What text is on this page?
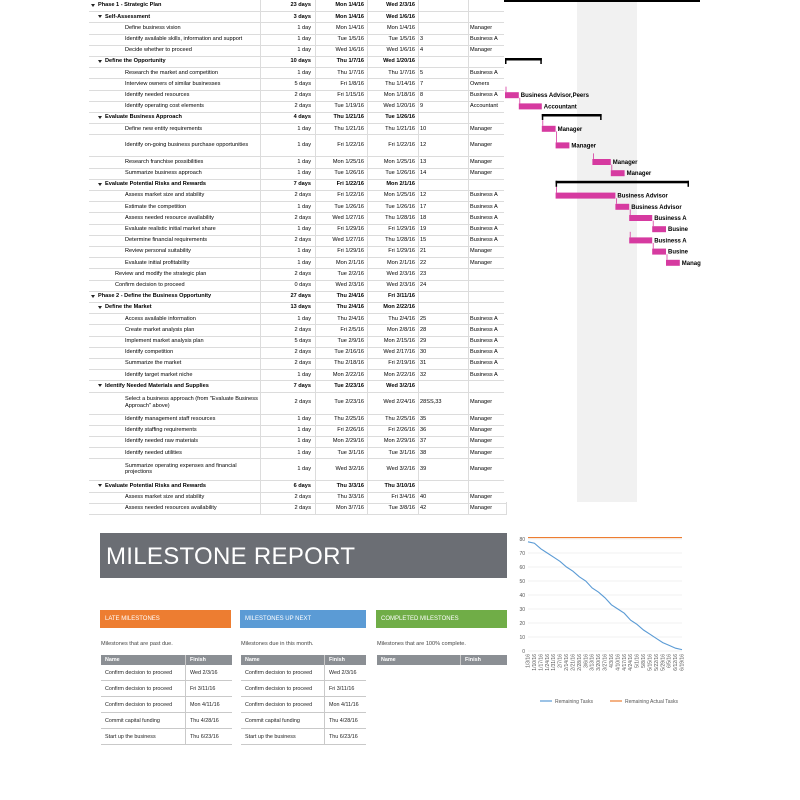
Phase 1 - Strategic Plan	23 days	Mon 1/4/16	Wed 2/3/16
Self-Assessment	3 days	Mon 1/4/16	Wed 1/6/16
Define business vision	1 day	Mon 1/4/16	Mon 1/4/16	Manager
Identify available skills, information and support	1 day	Tue 1/5/16	Tue 1/5/16 3	Business A
Decide whether to proceed	1 day	Wed 1/6/16	Wed 1/6/16 4	Manager
Define the Opportunity	10 days	Thu 1/7/16	Wed 1/20/16
Research the market and competition	1 day	Thu 1/7/16	Thu 1/7/16 5	Business A
Interview owners of similar businesses	5 days	Fri 1/8/16	Thu 1/14/16 7	Owners
Identify needed resources	2 days	Fri 1/15/16	Mon 1/18/16 8	Business A
Identify operating cost elements	2 days	Tue 1/19/16	Wed 1/20/16 9	Accountant
Evaluate Business Approach	4 days	Thu 1/21/16	Tue 1/26/16
Define new entity requirements	1 day	Thu 1/21/16	Thu 1/21/16 10	Manager
Identify on-going business purchase opportunities	1 day	Fri 1/22/16	Fri 1/22/16 12	Manager
Research franchise possibilities	1 day	Mon 1/25/16	Mon 1/25/16 13	Manager
Summarize business approach	1 day	Tue 1/26/16	Tue 1/26/16 14	Manager
Evaluate Potential Risks and Rewards	7 days	Fri 1/22/16	Mon 2/1/16
Assess market size and stability	2 days	Fri 1/22/16	Mon 1/25/16 12	Business A
Estimate the competition	1 day	Tue 1/26/16	Tue 1/26/16 17	Business A
Assess needed resource availability	2 days	Wed 1/27/16	Thu 1/28/16 18	Business A
Evaluate realistic initial market share	1 day	Fri 1/29/16	Fri 1/29/16 19	Business A
Determine financial requirements	2 days	Wed 1/27/16	Thu 1/28/16 15	Business A
Review personal suitability	1 day	Fri 1/29/16	Fri 1/29/16 21	Manager
Evaluate initial profitability	1 day	Mon 2/1/16	Mon 2/1/16 22	Manager
Review and modify the strategic plan	2 days	Tue 2/2/16	Wed 2/3/16 23
Confirm decision to proceed	0 days	Wed 2/3/16	Wed 2/3/16 24
Phase 2 - Define the Business Opportunity	27 days	Thu 2/4/16	Fri 3/11/16
Define the Market	13 days	Thu 2/4/16	Mon 2/22/16
Access available information	1 day	Thu 2/4/16	Thu 2/4/16 25	Business A
Create market analysis plan	2 days	Fri 2/5/16	Mon 2/8/16 28	Business A
Implement market analysis plan	5 days	Tue 2/9/16	Mon 2/15/16 29	Business A
Identify competition	2 days	Tue 2/16/16	Wed 2/17/16 30	Business A
Summarize the market	2 days	Thu 2/18/16	Fri 2/19/16 31	Business A
Identify target market niche	1 day	Mon 2/22/16	Mon 2/22/16 32	Business A
Identify Needed Materials and Supplies	7 days	Tue 2/23/16	Wed 3/2/16
Select a business approach (from "Evaluate Business Approach" above)
2 days	Tue 2/23/16	Wed 2/24/16 28SS,33	Manager
Identify management staff resources	1 day	Thu 2/25/16	Thu 2/25/16 35	Manager
Identify staffing requirements	1 day	Fri 2/26/16	Fri 2/26/16 36	Manager
Identify needed raw materials	1 day	Mon 2/29/16	Mon 2/29/16 37	Manager
Identify needed utilities	1 day	Tue 3/1/16	Tue 3/1/16 38	Manager
Summarize operating expenses and financial projections
1 day	Wed 3/2/16	Wed 3/2/16 39	Manager
Evaluate Potential Risks and Rewards	6 days	Thu 3/3/16	Thu 3/10/16
Assess market size and stability	2 days	Thu 3/3/16	Fri 3/4/16 40	Manager
Assess needed resources availability	2 days	Mon 3/7/16	Tue 3/8/16 42	Manager
Business Advisor,Peers
Accountant
Manager
Manager
Manager
Manager
Business Advisor
Business Advisor
Business A
Busine
Business A
Busine
Manag
MILESTONE REPORT
LATE MILESTONES	MILESTONES UP NEXT	COMPLETED MILESTONES
Milestones that are past due.	Milestones due in this month.	Milestones that are 100% complete.
Name	Finish
Confirm decision to proceed	Wed 2/3/16
Confirm decision to proceed	Fri 3/11/16
Confirm decision to proceed	Mon 4/11/16
Commit capital funding	Thu 4/28/16
Start up the business	Thu 6/23/16
Name	Finish
Confirm decision to proceed	Wed 2/3/16
Confirm decision to proceed	Fri 3/11/16
Confirm decision to proceed	Mon 4/11/16
Commit capital funding	Thu 4/28/16
Start up the business	Thu 6/23/16
Name	Finish
0
10
20
30
40
50
60
70
80
1/3/16 1/10/16 1/17/16 1/24/16 1/31/16 2/7/16 2/14/16 2/21/16 2/28/16 3/6/16 3/13/16 3/20/16 3/27/16 4/3/16 4/10/16 4/17/16 4/24/16 5/1/16 5/8/16 5/15/16 5/22/16 5/29/16 6/5/16 6/12/16 6/19/16
Remaining Tasks	Remaining Actual Tasks
